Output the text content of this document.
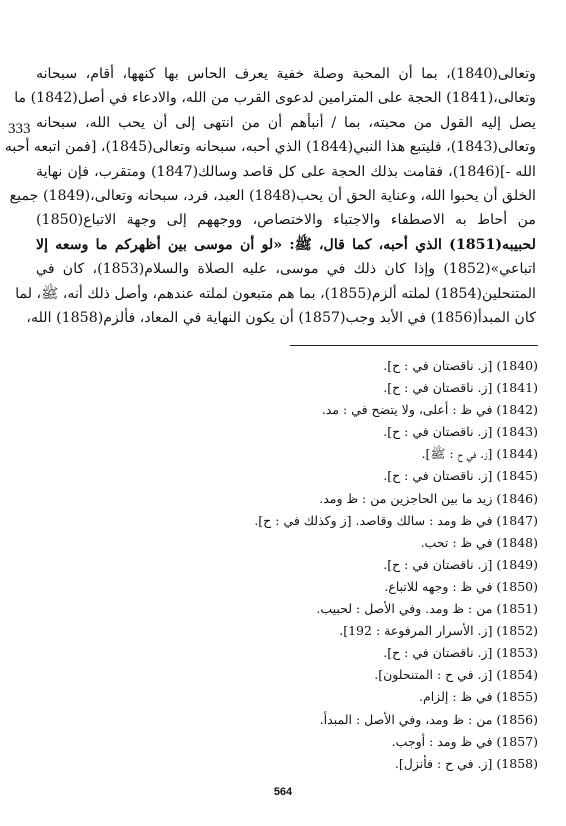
333
وتعالى(1840)، بما أن المحبة وصلة خفية يعرف الحاس بها كنهها، أقام، سبحانه
وتعالى،(1841) الحجة على المترامين لدعوى القرب من الله، والادعاء في أصل(1842) ما
يصل إليه القول من محبته، بما / أنبأهم أن من انتهى إلى أن يحب الله، سبحانه
وتعالى(1843)، فليتبع هذا النبي(1844) الذي أحبه، سبحانه وتعالى(1845)، [فمن اتبعه أحبه
الله -](1846)، فقامت بذلك الحجة على كل قاصد وسالك(1847) ومتقرب، فإن نهاية
الخلق أن يحبوا الله، وعناية الحق أن يحب(1848) العبد، فرد، سبحانه وتعالى،(1849) جميع
من أحاط به الاصطفاء والاجتباء والاختصاص، ووجههم إلى وجهة الاتباع(1850)
لحبيبه(1851) الذي أحبه، كما قال، ﷺ: «لو أن موسى بين أظهركم ما وسعه إلا
اتباعي»(1852) وإذا كان ذلك في موسى، عليه الصلاة والسلام(1853)، كان في
المتنحلين(1854) لملته ألزم(1855)، بما هم متبعون لملته عندهم، وأصل ذلك أنه، ﷺ، لما
كان المبدأ(1856) في الأبد وجب(1857) أن يكون النهاية في المعاد، فألزم(1858) الله،
(1840) [ز. ناقصتان في : ح].
(1841) [ز. ناقصتان في : ح].
(1842) في ظ : أعلى، ولا يتضح في : مد.
(1843) [ز. ناقصتان في : ح].
(1844) [ز. في ح : ﷺ].
(1845) [ز. ناقصتان في : ح].
(1846) زيد ما بين الحاجزين من : ظ ومد.
(1847) في ظ ومد : سالك وقاصد. [ز وكذلك في : ح].
(1848) في ظ : تحب.
(1849) [ز. ناقصتان في : ح].
(1850) في ظ : وجهه للاتباع.
(1851) من : ظ ومد. وفي الأصل : لحبيب.
(1852) [ز. الأسرار المرفوعة : 192].
(1853) [ز. ناقصتان في : ح].
(1854) [ز. في ح : المتنحلون].
(1855) في ظ : إلزام.
(1856) من : ظ ومد، وفي الأصل : المبدأ.
(1857) في ظ ومد : أوجب.
(1858) [ز. في ح : فأنزل].
564
